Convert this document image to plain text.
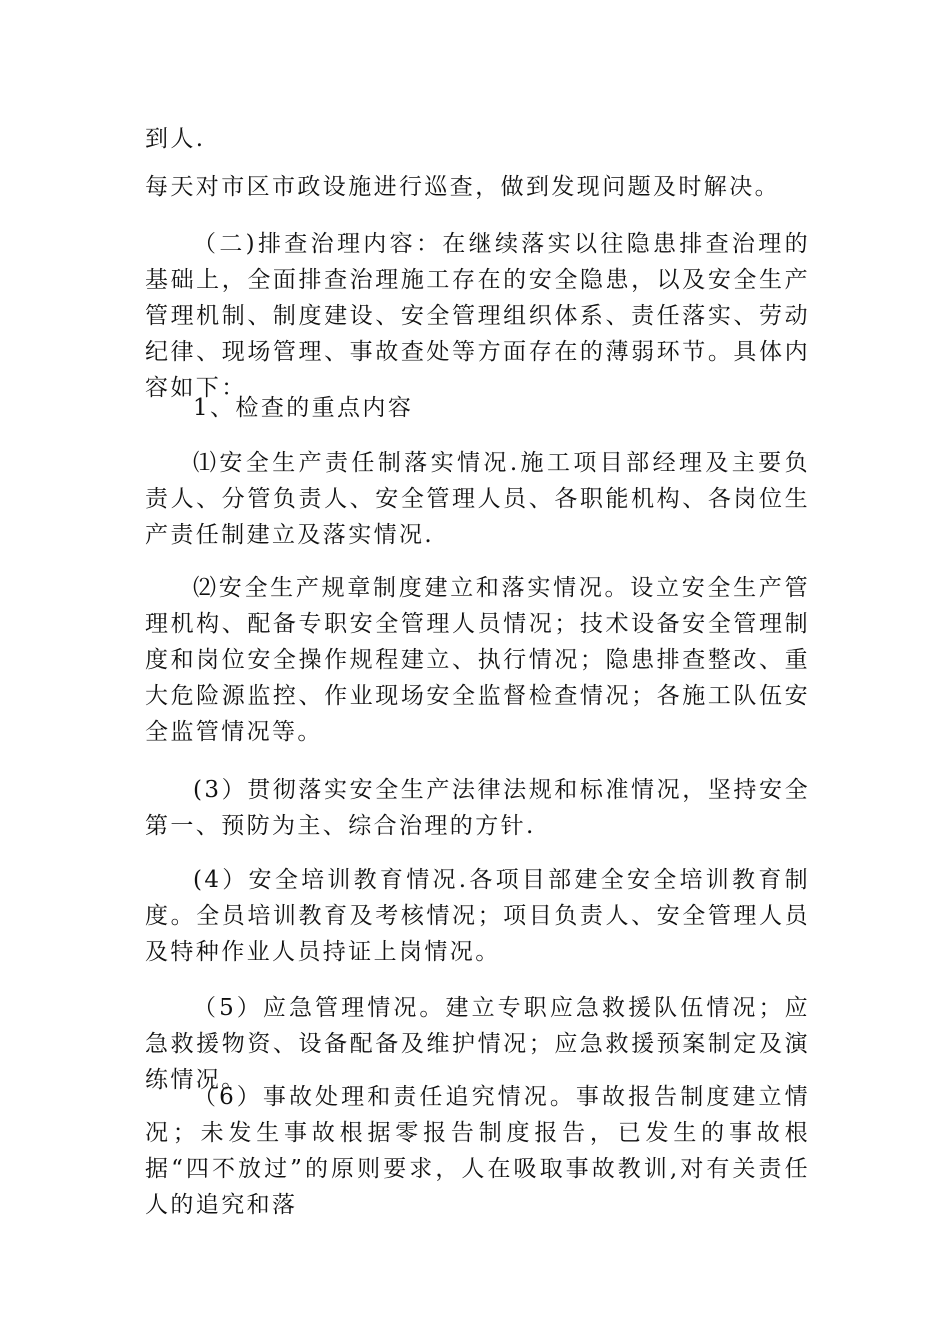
到人.

每天对市区市政设施进行巡查，做到发现问题及时解决。

（二)排查治理内容：在继续落实以往隐患排查治理的基础上，全面排查治理施工存在的安全隐患，以及安全生产管理机制、制度建设、安全管理组织体系、责任落实、劳动纪律、现场管理、事故查处等方面存在的薄弱环节。具体内容如下：

1、检查的重点内容

⑴安全生产责任制落实情况.施工项目部经理及主要负责人、分管负责人、安全管理人员、各职能机构、各岗位生产责任制建立及落实情况.

⑵安全生产规章制度建立和落实情况。设立安全生产管理机构、配备专职安全管理人员情况；技术设备安全管理制度和岗位安全操作规程建立、执行情况；隐患排查整改、重大危险源监控、作业现场安全监督检查情况；各施工队伍安全监管情况等。

(3）贯彻落实安全生产法律法规和标准情况，坚持安全第一、预防为主、综合治理的方针.

(4）安全培训教育情况.各项目部建全安全培训教育制度。全员培训教育及考核情况；项目负责人、安全管理人员及特种作业人员持证上岗情况。

（5）应急管理情况。建立专职应急救援队伍情况；应急救援物资、设备配备及维护情况；应急救援预案制定及演练情况。

（6）事故处理和责任追究情况。事故报告制度建立情况；未发生事故根据零报告制度报告，已发生的事故根据“四不放过”的原则要求，人在吸取事故教训,对有关责任人的追究和落
